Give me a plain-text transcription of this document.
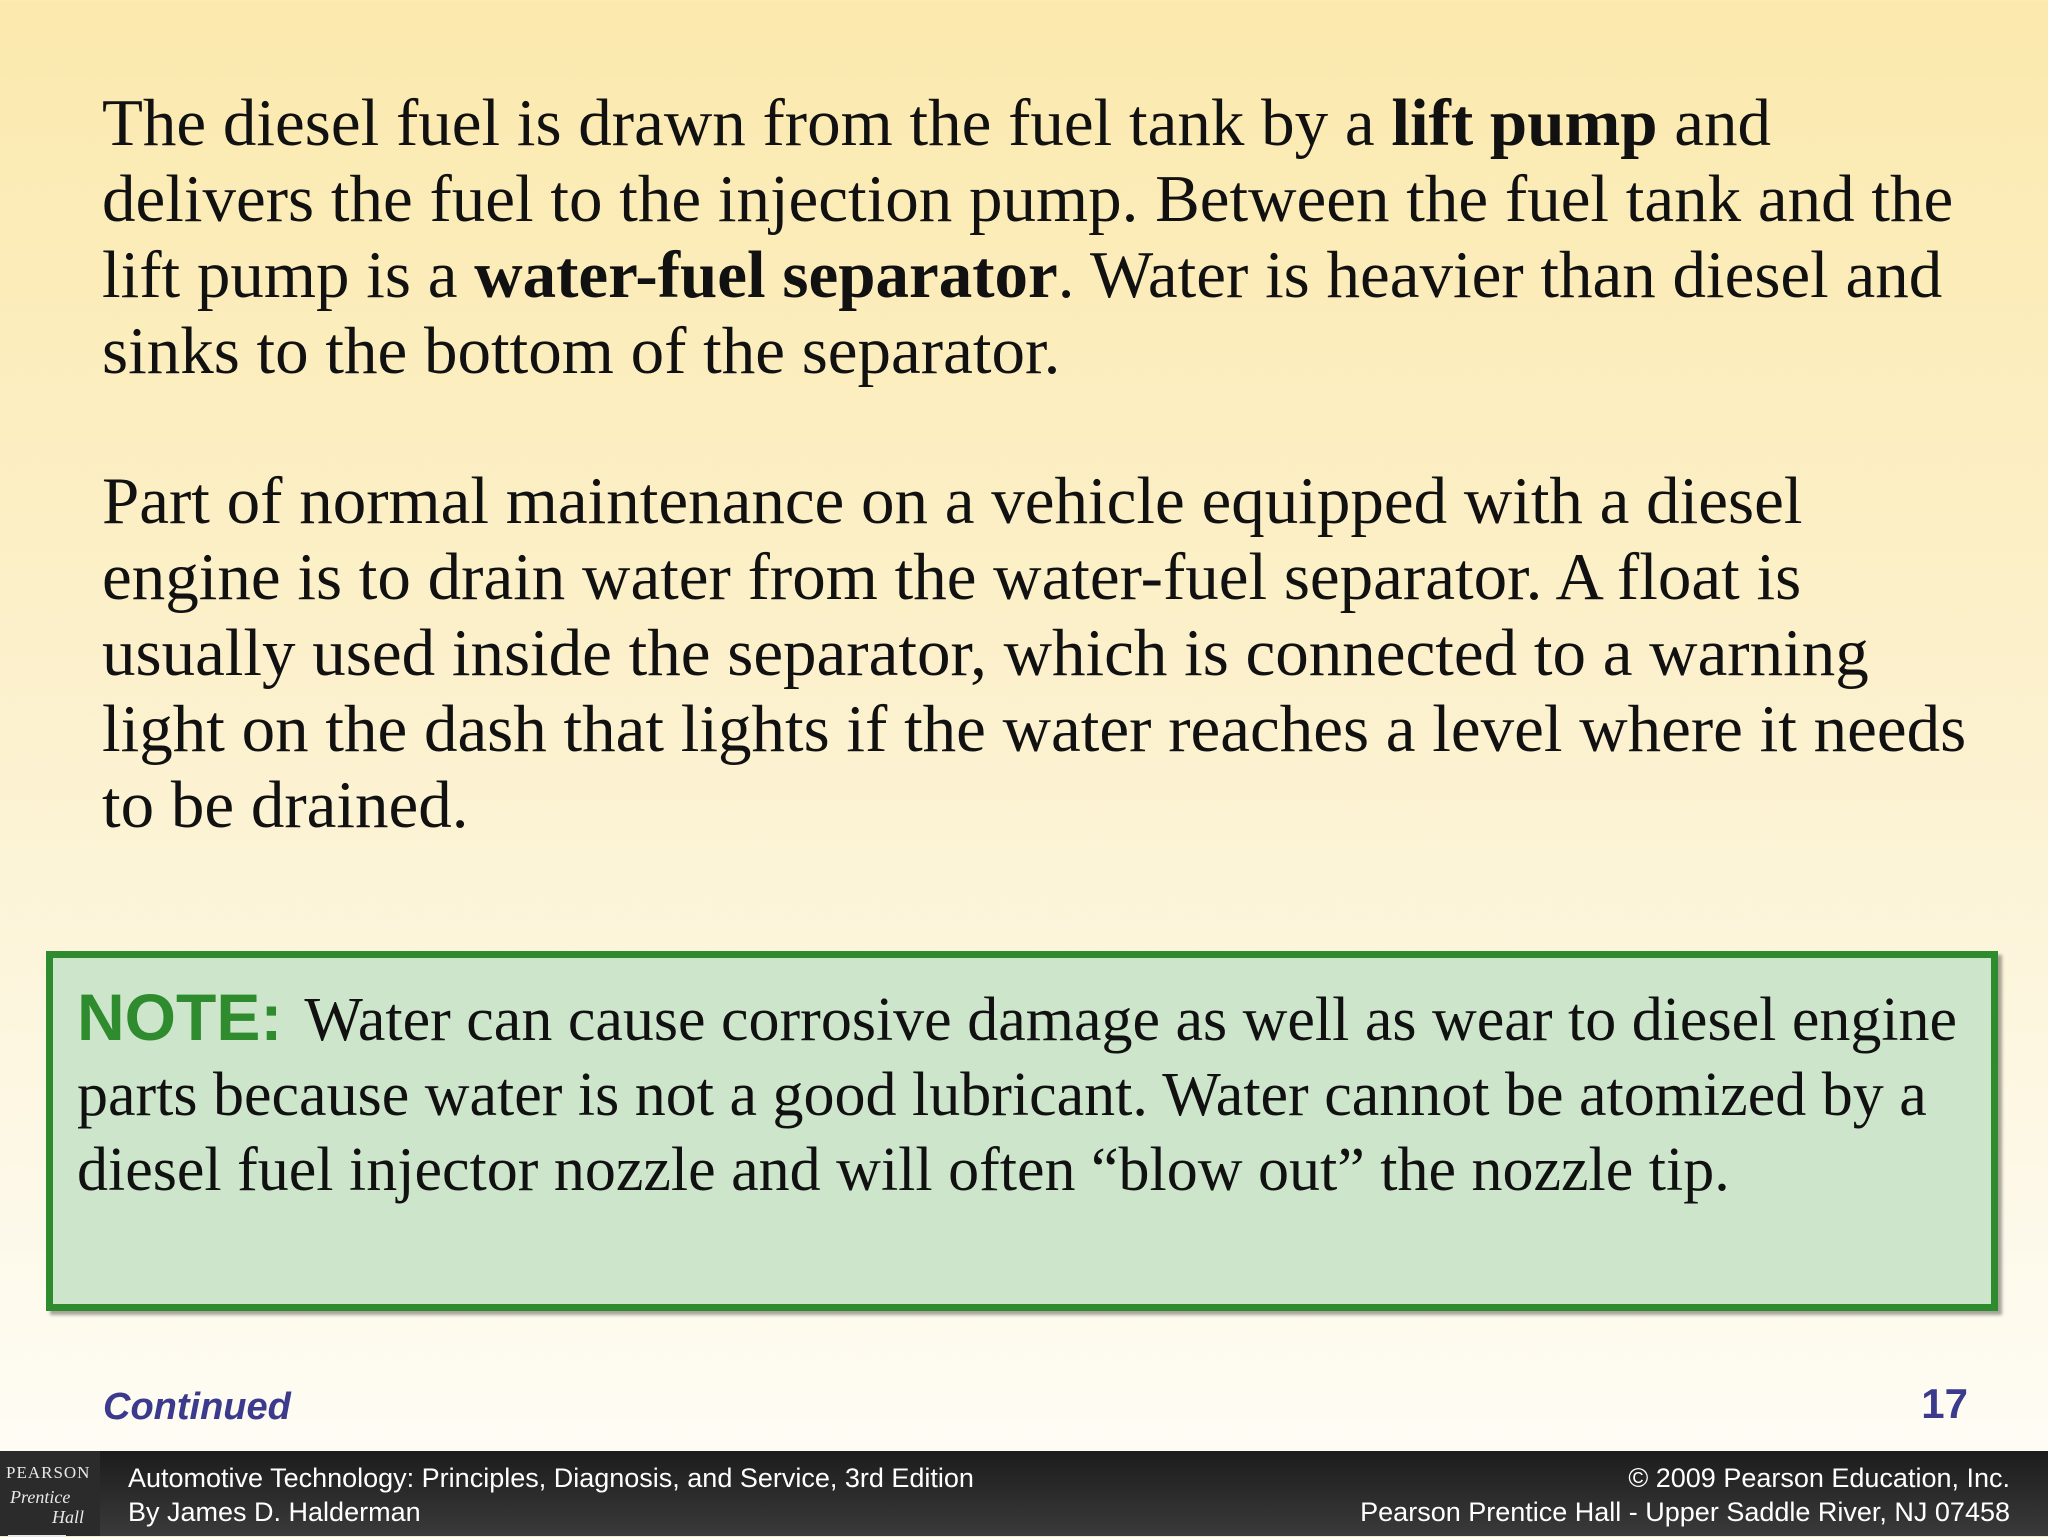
The diesel fuel is drawn from the fuel tank by a lift pump and delivers the fuel to the injection pump. Between the fuel tank and the lift pump is a water-fuel separator. Water is heavier than diesel and sinks to the bottom of the separator.

Part of normal maintenance on a vehicle equipped with a diesel engine is to drain water from the water-fuel separator. A float is usually used inside the separator, which is connected to a warning light on the dash that lights if the water reaches a level where it needs to be drained.

NOTE: Water can cause corrosive damage as well as wear to diesel engine parts because water is not a good lubricant. Water cannot be atomized by a diesel fuel injector nozzle and will often “blow out” the nozzle tip.

Continued	17
PEARSON
Prentice
Hall
Automotive Technology: Principles, Diagnosis, and Service, 3rd Edition
By James D. Halderman
© 2009 Pearson Education, Inc.
Pearson Prentice Hall - Upper Saddle River, NJ 07458
